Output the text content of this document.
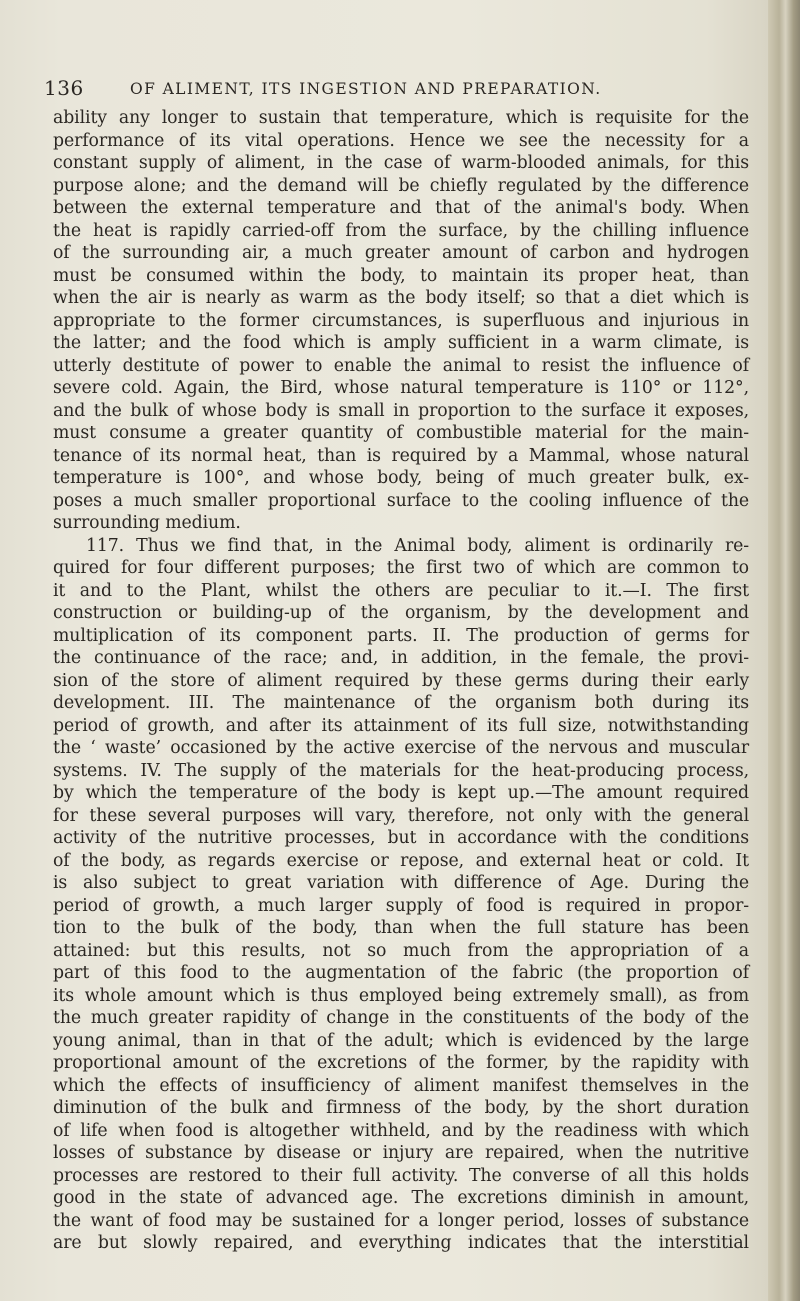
136	OF ALIMENT, ITS INGESTION AND PREPARATION.
ability any longer to sustain that temperature, which is requisite for the
performance of its vital operations. Hence we see the necessity for a
constant supply of aliment, in the case of warm-blooded animals, for this
purpose alone; and the demand will be chiefly regulated by the difference
between the external temperature and that of the animal's body. When
the heat is rapidly carried-off from the surface, by the chilling influence
of the surrounding air, a much greater amount of carbon and hydrogen
must be consumed within the body, to maintain its proper heat, than
when the air is nearly as warm as the body itself; so that a diet which is
appropriate to the former circumstances, is superfluous and injurious in
the latter; and the food which is amply sufficient in a warm climate, is
utterly destitute of power to enable the animal to resist the influence of
severe cold. Again, the Bird, whose natural temperature is 110° or 112°,
and the bulk of whose body is small in proportion to the surface it exposes,
must consume a greater quantity of combustible material for the main-
tenance of its normal heat, than is required by a Mammal, whose natural
temperature is 100°, and whose body, being of much greater bulk, ex-
poses a much smaller proportional surface to the cooling influence of the
surrounding medium.
117. Thus we find that, in the Animal body, aliment is ordinarily re-
quired for four different purposes; the first two of which are common to
it and to the Plant, whilst the others are peculiar to it.—I. The first
construction or building-up of the organism, by the development and
multiplication of its component parts. II. The production of germs for
the continuance of the race; and, in addition, in the female, the provi-
sion of the store of aliment required by these germs during their early
development. III. The maintenance of the organism both during its
period of growth, and after its attainment of its full size, notwithstanding
the ‘ waste’ occasioned by the active exercise of the nervous and muscular
systems. IV. The supply of the materials for the heat-producing process,
by which the temperature of the body is kept up.—The amount required
for these several purposes will vary, therefore, not only with the general
activity of the nutritive processes, but in accordance with the conditions
of the body, as regards exercise or repose, and external heat or cold. It
is also subject to great variation with difference of Age. During the
period of growth, a much larger supply of food is required in propor-
tion to the bulk of the body, than when the full stature has been
attained: but this results, not so much from the appropriation of a
part of this food to the augmentation of the fabric (the proportion of
its whole amount which is thus employed being extremely small), as from
the much greater rapidity of change in the constituents of the body of the
young animal, than in that of the adult; which is evidenced by the large
proportional amount of the excretions of the former, by the rapidity with
which the effects of insufficiency of aliment manifest themselves in the
diminution of the bulk and firmness of the body, by the short duration
of life when food is altogether withheld, and by the readiness with which
losses of substance by disease or injury are repaired, when the nutritive
processes are restored to their full activity. The converse of all this holds
good in the state of advanced age. The excretions diminish in amount,
the want of food may be sustained for a longer period, losses of substance
are but slowly repaired, and everything indicates that the interstitial
